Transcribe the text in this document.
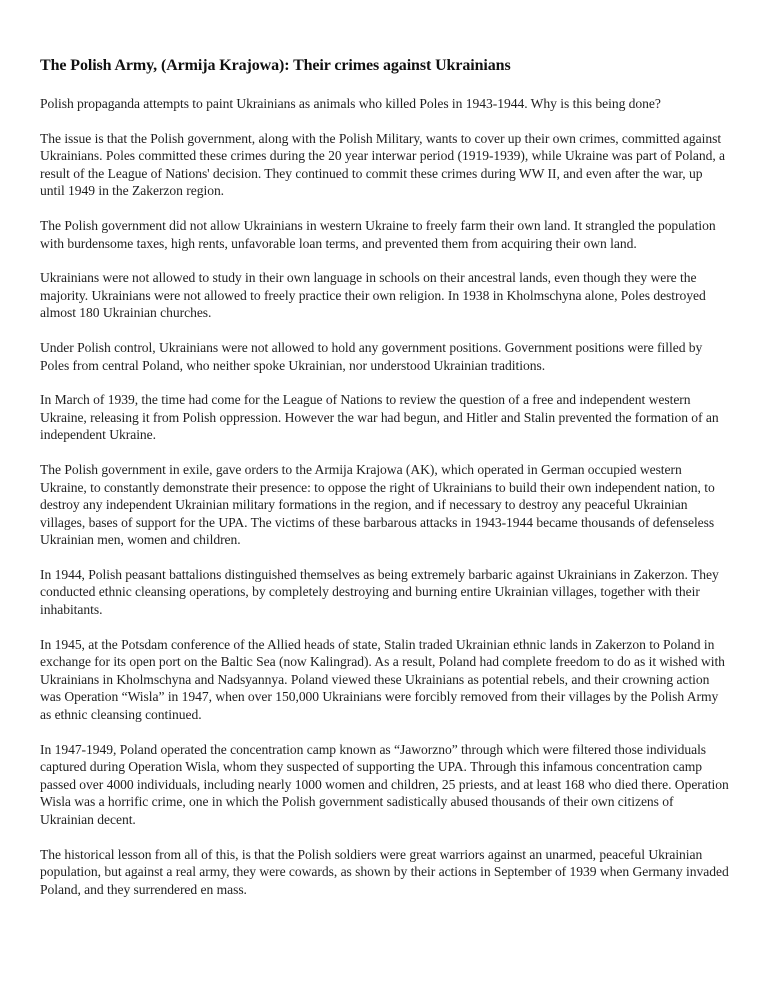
The Polish Army, (Armija Krajowa): Their crimes against Ukrainians

Polish propaganda attempts to paint Ukrainians as animals who killed Poles in 1943-1944. Why is this being done?

The issue is that the Polish government, along with the Polish Military, wants to cover up their own crimes, committed against Ukrainians. Poles committed these crimes during the 20 year interwar period (1919-1939), while Ukraine was part of Poland, a result of the League of Nations' decision. They continued to commit these crimes during WW II, and even after the war, up until 1949 in the Zakerzon region.

The Polish government did not allow Ukrainians in western Ukraine to freely farm their own land. It strangled the population with burdensome taxes, high rents, unfavorable loan terms, and prevented them from acquiring their own land.

Ukrainians were not allowed to study in their own language in schools on their ancestral lands, even though they were the majority. Ukrainians were not allowed to freely practice their own religion. In 1938 in Kholmschyna alone, Poles destroyed almost 180 Ukrainian churches.

Under Polish control, Ukrainians were not allowed to hold any government positions. Government positions were filled by Poles from central Poland, who neither spoke Ukrainian, nor understood Ukrainian traditions.

In March of 1939, the time had come for the League of Nations to review the question of a free and independent western Ukraine, releasing it from Polish oppression. However the war had begun, and Hitler and Stalin prevented the formation of an independent Ukraine.

The Polish government in exile, gave orders to the Armija Krajowa (AK), which operated in German occupied western Ukraine, to constantly demonstrate their presence: to oppose the right of Ukrainians to build their own independent nation, to destroy any independent Ukrainian military formations in the region, and if necessary to destroy any peaceful Ukrainian villages, bases of support for the UPA. The victims of these barbarous attacks in 1943-1944 became thousands of defenseless Ukrainian men, women and children.

In 1944, Polish peasant battalions distinguished themselves as being extremely barbaric against Ukrainians in Zakerzon. They conducted ethnic cleansing operations, by completely destroying and burning entire Ukrainian villages, together with their inhabitants.

In 1945, at the Potsdam conference of the Allied heads of state, Stalin traded Ukrainian ethnic lands in Zakerzon to Poland in exchange for its open port on the Baltic Sea (now Kalingrad). As a result, Poland had complete freedom to do as it wished with Ukrainians in Kholmschyna and Nadsyannya. Poland viewed these Ukrainians as potential rebels, and their crowning action was Operation “Wisla” in 1947, when over 150,000 Ukrainians were forcibly removed from their villages by the Polish Army as ethnic cleansing continued.

In 1947-1949, Poland operated the concentration camp known as “Jaworzno” through which were filtered those individuals captured during Operation Wisla, whom they suspected of supporting the UPA. Through this infamous concentration camp passed over 4000 individuals, including nearly 1000 women and children, 25 priests, and at least 168 who died there. Operation Wisla was a horrific crime, one in which the Polish government sadistically abused thousands of their own citizens of Ukrainian decent.

The historical lesson from all of this, is that the Polish soldiers were great warriors against an unarmed, peaceful Ukrainian population, but against a real army, they were cowards, as shown by their actions in September of 1939 when Germany invaded Poland, and they surrendered en mass.
